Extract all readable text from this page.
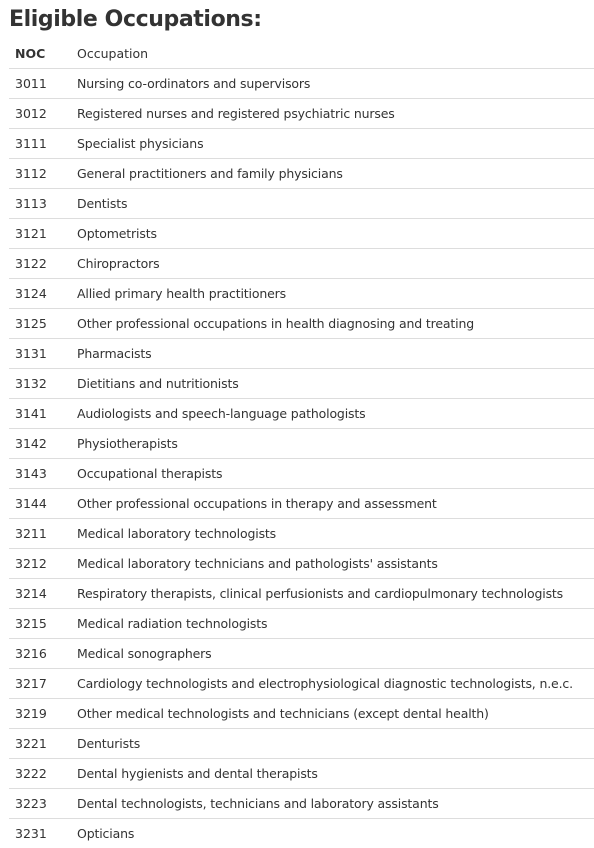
Eligible Occupations:
NOC	Occupation
3011	Nursing co-ordinators and supervisors
3012	Registered nurses and registered psychiatric nurses
3111	Specialist physicians
3112	General practitioners and family physicians
3113	Dentists
3121	Optometrists
3122	Chiropractors
3124	Allied primary health practitioners
3125	Other professional occupations in health diagnosing and treating
3131	Pharmacists
3132	Dietitians and nutritionists
3141	Audiologists and speech-language pathologists
3142	Physiotherapists
3143	Occupational therapists
3144	Other professional occupations in therapy and assessment
3211	Medical laboratory technologists
3212	Medical laboratory technicians and pathologists' assistants
3214	Respiratory therapists, clinical perfusionists and cardiopulmonary technologists
3215	Medical radiation technologists
3216	Medical sonographers
3217	Cardiology technologists and electrophysiological diagnostic technologists, n.e.c.
3219	Other medical technologists and technicians (except dental health)
3221	Denturists
3222	Dental hygienists and dental therapists
3223	Dental technologists, technicians and laboratory assistants
3231	Opticians
